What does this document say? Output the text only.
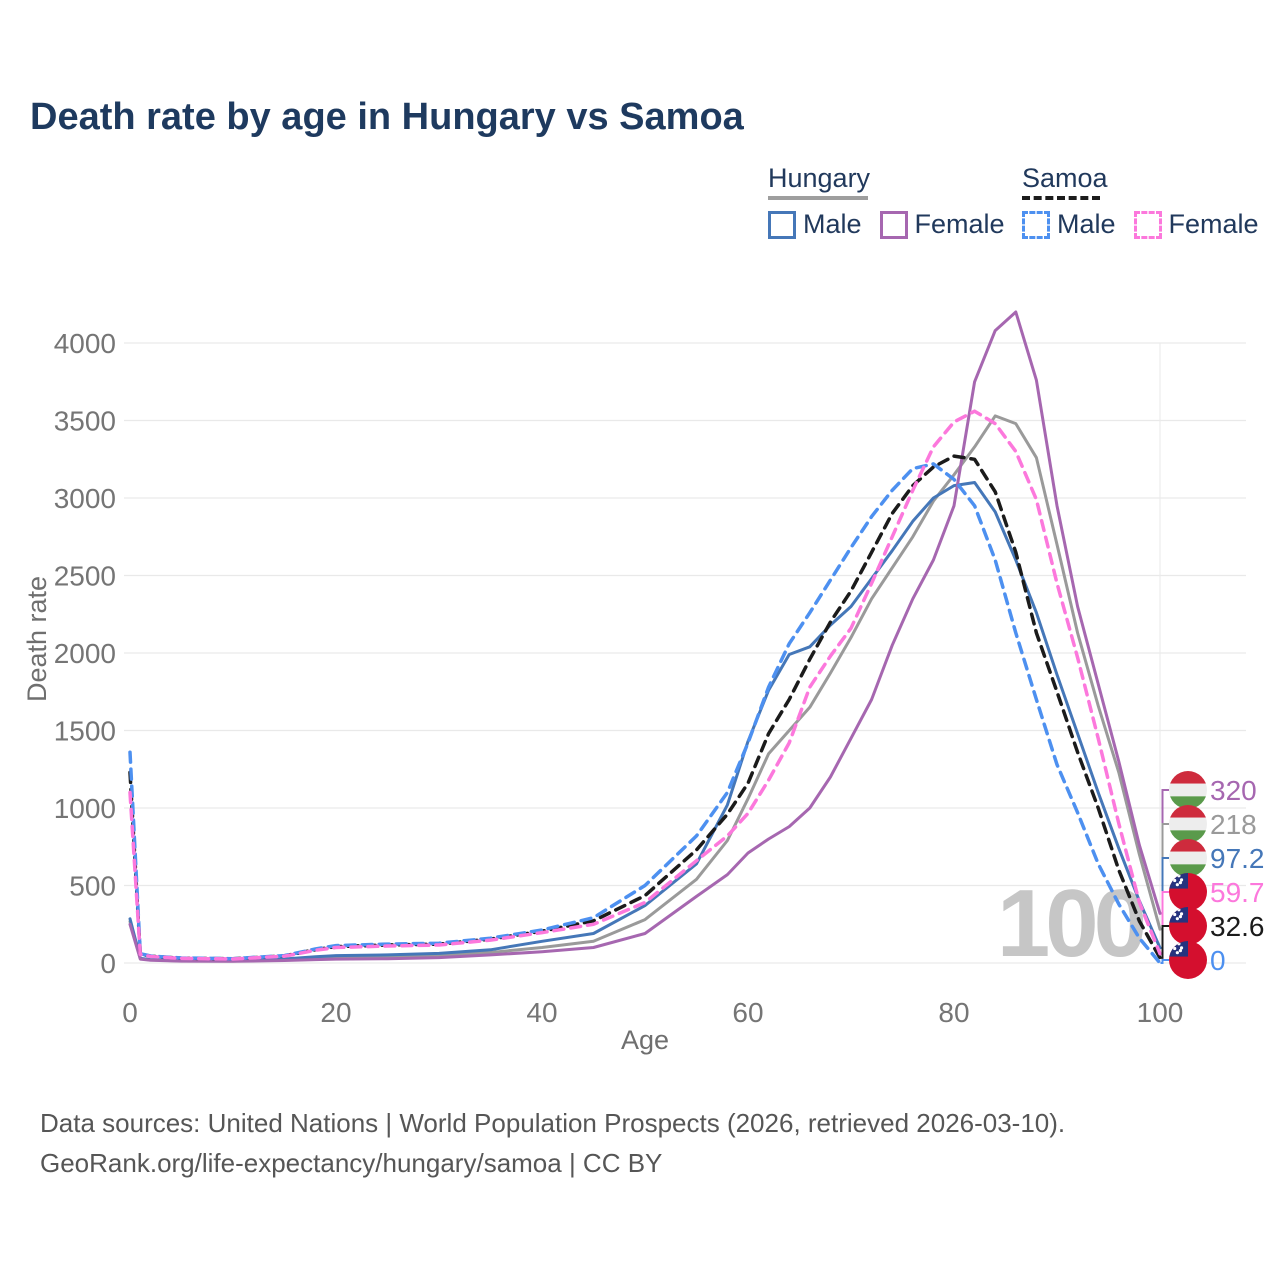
Death rate by age in Hungary vs Samoa
Hungary
Male Female
Samoa
Male Female
100
0
500
1000
1500
2000
2500
3000
3500
4000
0	20	40	60	80	100
Age
Death rate
320
218
97.2
59.7
32.6
0
Data sources: United Nations | World Population Prospects (2026, retrieved 2026-03-10).
GeoRank.org/life-expectancy/hungary/samoa | CC BY
